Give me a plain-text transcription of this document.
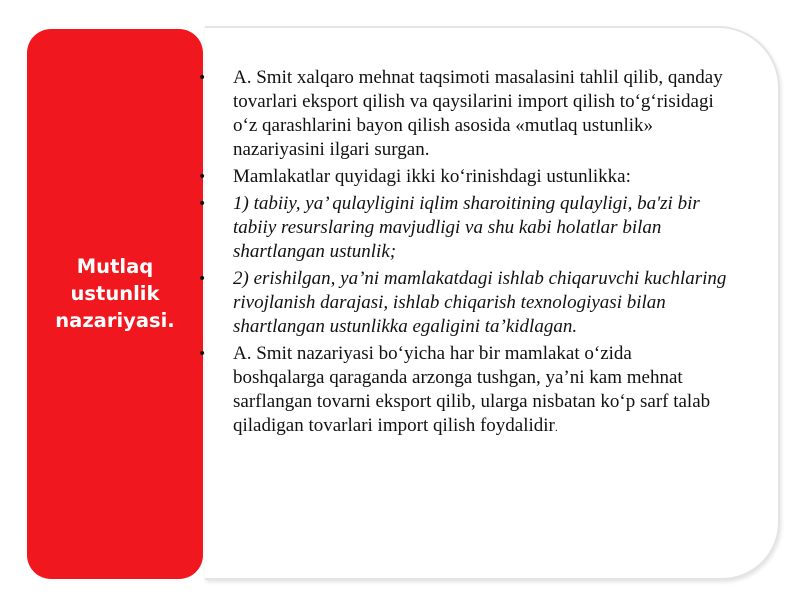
Mutlaq
ustunlik
nazariyasi.
•	A. Smit xalqaro mehnat taqsimoti masalasini tahlil qilib, qanday tovarlari eksport qilish va qaysilarini import qilish to‘g‘risidagi o‘z qarashlarini bayon qilish asosida «mutlaq ustunlik» nazariyasini ilgari surgan.
•	Mamlakatlar quyidagi ikki ko‘rinishdagi ustunlikka:
•	1) tabiiy, ya’ qulayligini iqlim sharoitining qulayligi, ba'zi bir tabiiy resurslaring mavjudligi va shu kabi holatlar bilan shartlangan ustunlik;
•	2) erishilgan, ya’ni mamlakatdagi ishlab chiqaruvchi kuchlaring rivojlanish darajasi, ishlab chiqarish texnologiyasi bilan shartlangan ustunlikka egaligini ta’kidlagan.
•	A. Smit nazariyasi bo‘yicha har bir mamlakat o‘zida boshqalarga qaraganda arzonga tushgan, ya’ni kam mehnat sarflangan tovarni eksport qilib, ularga nisbatan ko‘p sarf talab qiladigan tovarlari import qilish foydalidir.
